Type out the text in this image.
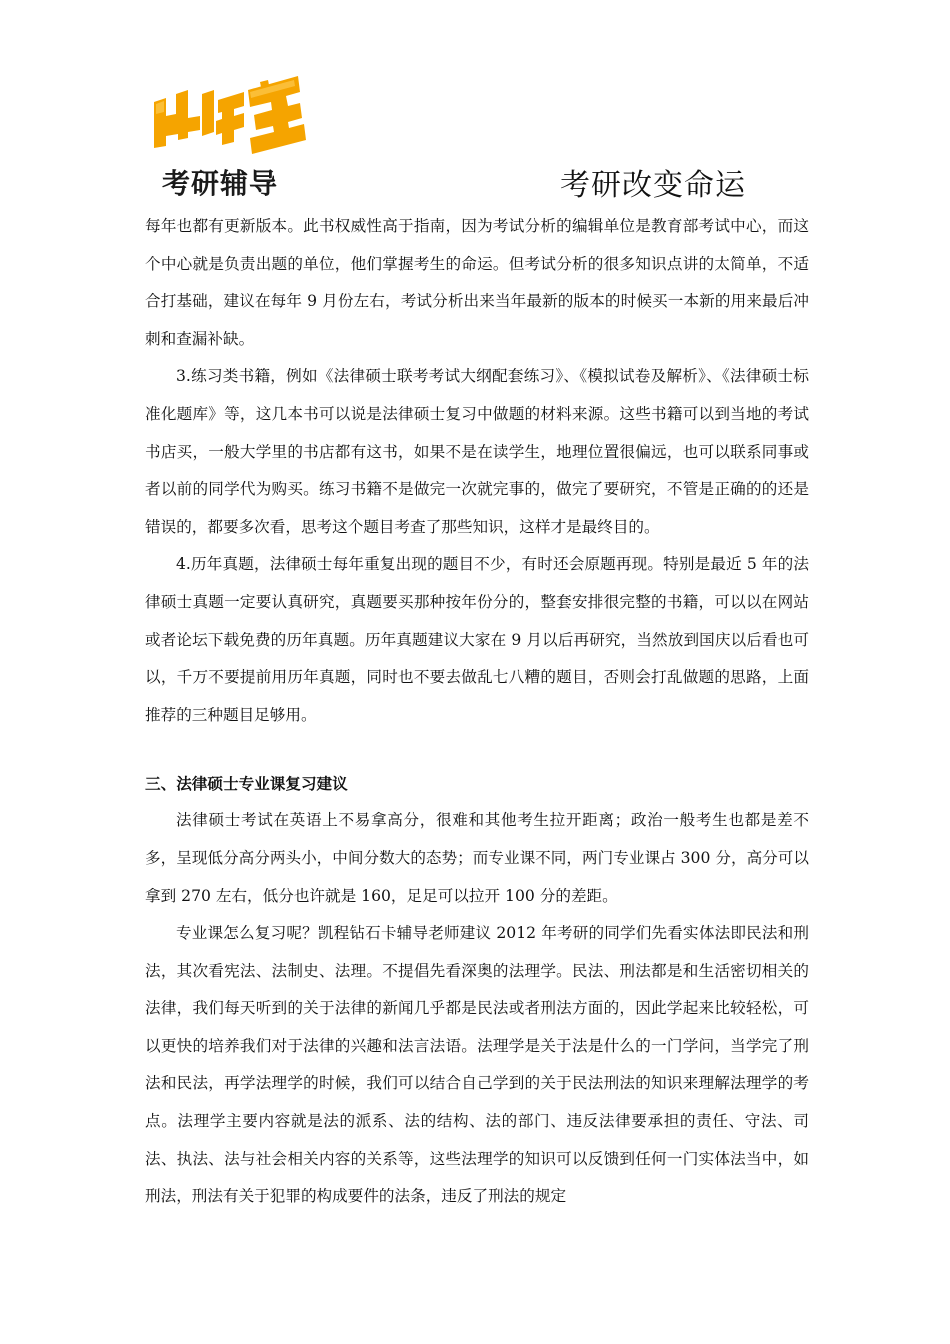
考研辅导	考研改变命运

每年也都有更新版本。此书权威性高于指南，因为考试分析的编辑单位是教育部考试中心，而这个中心就是负责出题的单位，他们掌握考生的命运。但考试分析的很多知识点讲的太简单，不适合打基础，建议在每年 9 月份左右，考试分析出来当年最新的版本的时候买一本新的用来最后冲刺和查漏补缺。

3.练习类书籍，例如《法律硕士联考考试大纲配套练习》、《模拟试卷及解析》、《法律硕士标准化题库》等，这几本书可以说是法律硕士复习中做题的材料来源。这些书籍可以到当地的考试书店买，一般大学里的书店都有这书，如果不是在读学生，地理位置很偏远，也可以联系同事或者以前的同学代为购买。练习书籍不是做完一次就完事的，做完了要研究，不管是正确的的还是错误的，都要多次看，思考这个题目考查了那些知识，这样才是最终目的。

4.历年真题，法律硕士每年重复出现的题目不少，有时还会原题再现。特别是最近 5 年的法律硕士真题一定要认真研究，真题要买那种按年份分的，整套安排很完整的书籍，可以以在网站或者论坛下载免费的历年真题。历年真题建议大家在 9 月以后再研究，当然放到国庆以后看也可以，千万不要提前用历年真题，同时也不要去做乱七八糟的题目，否则会打乱做题的思路，上面推荐的三种题目足够用。

三、法律硕士专业课复习建议

法律硕士考试在英语上不易拿高分，很难和其他考生拉开距离；政治一般考生也都是差不多，呈现低分高分两头小，中间分数大的态势；而专业课不同，两门专业课占 300 分，高分可以拿到 270 左右，低分也许就是 160，足足可以拉开 100 分的差距。

专业课怎么复习呢？凯程钻石卡辅导老师建议 2012 年考研的同学们先看实体法即民法和刑法，其次看宪法、法制史、法理。不提倡先看深奥的法理学。民法、刑法都是和生活密切相关的法律，我们每天听到的关于法律的新闻几乎都是民法或者刑法方面的，因此学起来比较轻松，可以更快的培养我们对于法律的兴趣和法言法语。法理学是关于法是什么的一门学问，当学完了刑法和民法，再学法理学的时候，我们可以结合自己学到的关于民法刑法的知识来理解法理学的考点。法理学主要内容就是法的派系、法的结构、法的部门、违反法律要承担的责任、守法、司法、执法、法与社会相关内容的关系等，这些法理学的知识可以反馈到任何一门实体法当中，如刑法，刑法有关于犯罪的构成要件的法条，违反了刑法的规定
